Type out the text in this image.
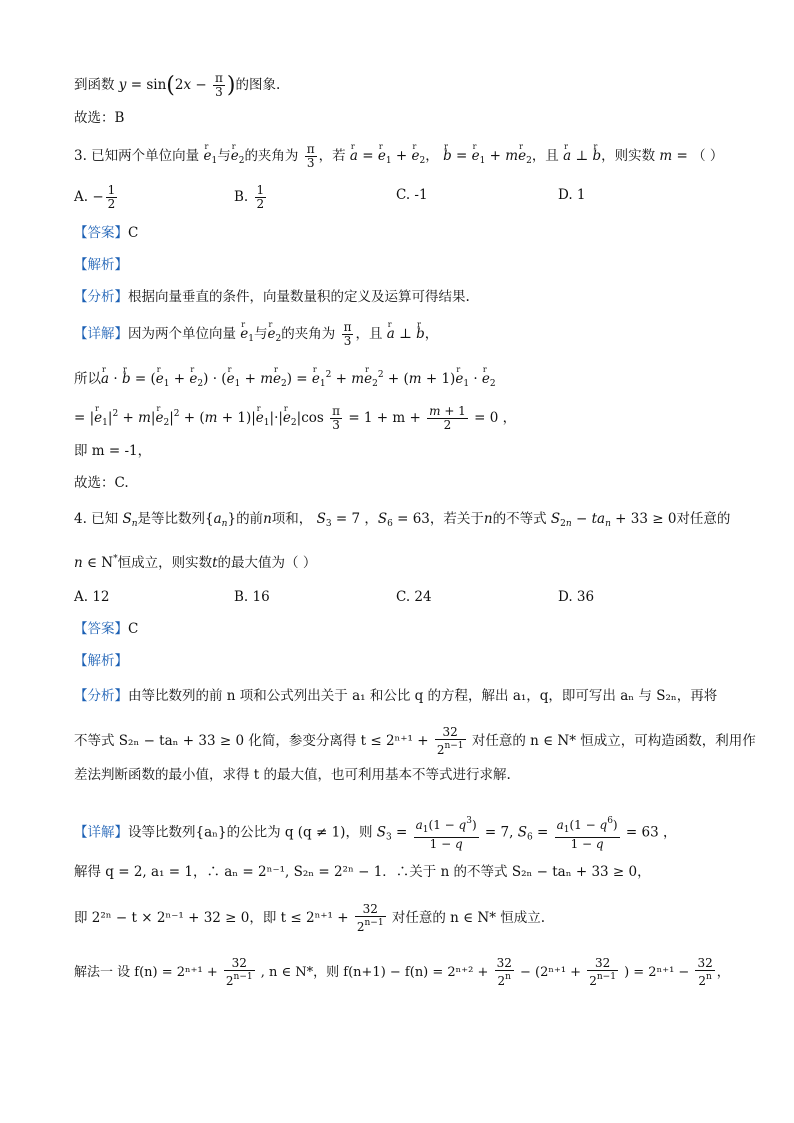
到函数 $y = \sin(2x - \frac{\pi}{3}$ )的图象.
故选：B
3. 已知两个单位向量 r $e_1$与r $e_2$的夹角为 $\frac{\pi}{3}$ ，若 r a = r $e_1 + r$ $e_2$， r b = r $e_1$ + mr $e_2$，且 r a ⊥ r b，则实数 m = （ ）
A. − $\frac{1}{2}$	B. $\frac{1}{2}$	C. -1	D. 1
【答案】C
【解析】
【分析】根据向量垂直的条件，向量数量积的定义及运算可得结果.
【详解】因为两个单位向量 r $e_1$与r $e_2$的夹角为 $\frac{\pi}{3}$ ，且 r a ⊥ r b，
所以r a · r b = (r $e_1 + r$ $e_2) \cdot (r$ $e_1$ + mr $e_2) = r$ $e_1^2$ + mr $e_2^2 + (m + 1)r$ $e_1 \cdot r$ $e_2$
= |r $e_1|^2 + m|r$ $e_2|^2 + (m + 1)|r$ $e_1|\cdot|r$ $e_2|\cos \frac{\pi}{3} = 1 + m + \frac{m + 1}{2} = 0$ ，
即 m = -1，
故选：C.
4. 已知 $S_n$是等比数列$\{a_n\}$的前n项和， $S_3 = 7$ ，$S_6 = 63$，若关于n的不等式 $S_{2n} - ta_n + 33 \ge 0$对任意的
n ∈ N*恒成立，则实数t的最大值为（ ）
A. 12	B. 16	C. 24	D. 36
【答案】C
【解析】
【分析】由等比数列的前 n 项和公式列出关于 a₁ 和公比 q 的方程，解出 a₁，q，即可写出 aₙ 与 S₂ₙ，再将
不等式 S₂ₙ − taₙ + 33 ≥ 0 化简，参变分离得 $t \le 2^{n+1} + \frac{32}{2^{n-1}}$ 对任意的 n ∈ N* 恒成立，可构造函数，利用作
差法判断函数的最小值，求得 t 的最大值，也可利用基本不等式进行求解.
【详解】设等比数列{aₙ}的公比为 q (q ≠ 1)，则 $S_3 = \frac{a_1(1 - q^3)}{1 - q} = 7$, $S_6 = \frac{a_1(1 - q^6)}{1 - q} = 63$ ，
解得 q = 2, a₁ = 1，∴ aₙ = 2ⁿ⁻¹, S₂ₙ = 2²ⁿ − 1．∴关于 n 的不等式 S₂ₙ − taₙ + 33 ≥ 0，
即 2²ⁿ − t × 2ⁿ⁻¹ + 32 ≥ 0，即 $t \le 2^{n+1} + \frac{32}{2^{n-1}}$ 对任意的 n ∈ N* 恒成立.
解法一 设 $f(n) = 2^{n+1} + \frac{32}{2^{n-1}}$ , n ∈ N*，则 $f(n+1) - f(n) = 2^{n+2} + \frac{32}{2^n} - (2^{n+1} + \frac{32}{2^{n-1}}$ ) = $2^{n+1} - \frac{32}{2^n}$ ，
